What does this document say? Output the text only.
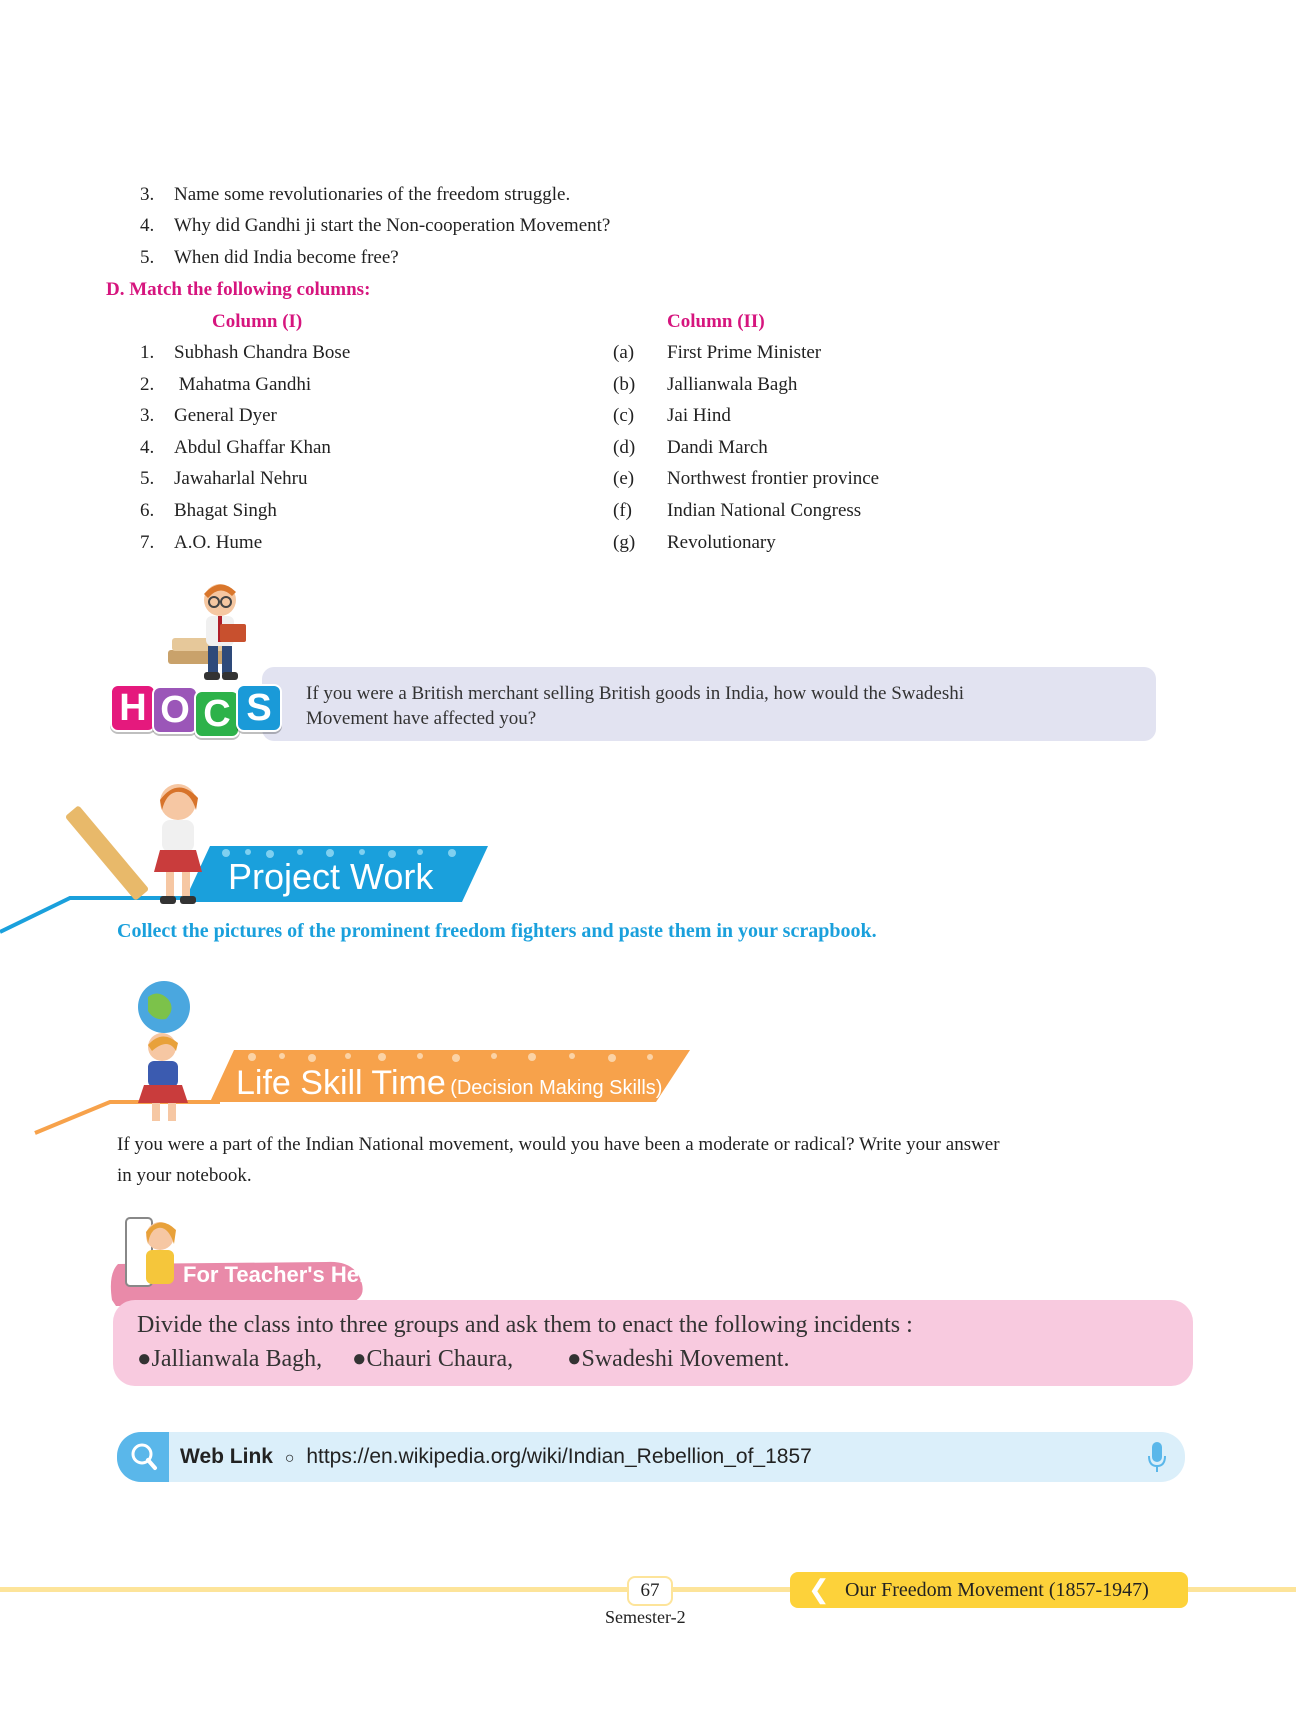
3. Name some revolutionaries of the freedom struggle.
4. Why did Gandhi ji start the Non-cooperation Movement?
5. When did India become free?
D. Match the following columns:
Column (I)	Column (II)
1. Subhash Chandra Bose
2. Mahatma Gandhi
3. General Dyer
4. Abdul Ghaffar Khan
5. Jawaharlal Nehru
6. Bhagat Singh
7. A.O. Hume
(a) First Prime Minister
(b) Jallianwala Bagh
(c) Jai Hind
(d) Dandi March
(e) Northwest frontier province
(f) Indian National Congress
(g) Revolutionary
If you were a British merchant selling British goods in India, how would the Swadeshi
Movement have affected you?
H O C S
Project Work
Collect the pictures of the prominent freedom fighters and paste them in your scrapbook.
Life Skill Time (Decision Making Skills)
If you were a part of the Indian National movement, would you have been a moderate or radical? Write your answer
in your notebook.
For Teacher's Help
Divide the class into three groups and ask them to enact the following incidents :
●Jallianwala Bagh, ●Chauri Chaura, ●Swadeshi Movement.
Web Link ○ https://en.wikipedia.org/wiki/Indian_Rebellion_of_1857
67
Semester-2
❮ Our Freedom Movement (1857-1947)
